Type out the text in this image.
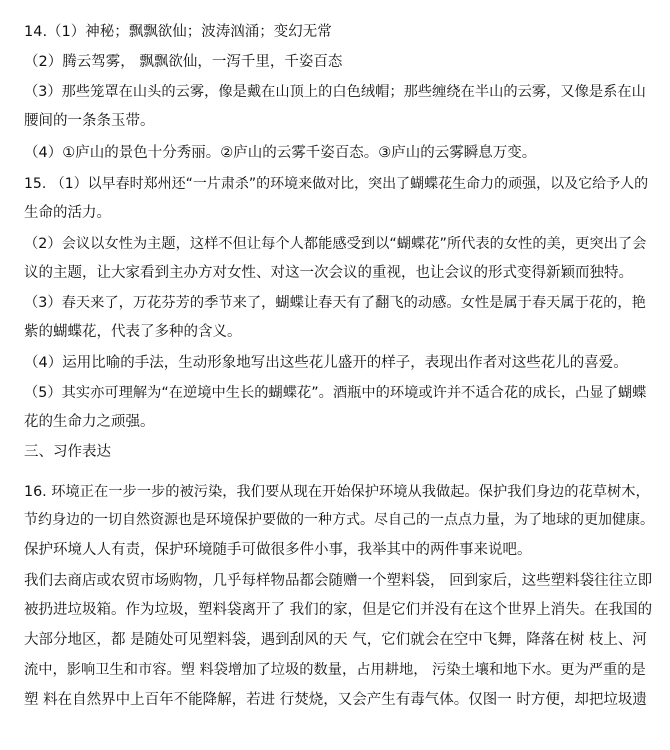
14.（1）神秘；飘飘欲仙；波涛汹涌；变幻无常
（2）腾云驾雾， 飘飘欲仙，一泻千里，千姿百态
（3）那些笼罩在山头的云雾，像是戴在山顶上的白色绒帽；那些缠绕在半山的云雾，又像是系在山
腰间的一条条玉带。
（4）①庐山的景色十分秀丽。②庐山的云雾千姿百态。③庐山的云雾瞬息万变。
15. （1）以早春时郑州还“一片肃杀”的环境来做对比，突出了蝴蝶花生命力的顽强，以及它给予人的
生命的活力。
（2）会议以女性为主题，这样不但让每个人都能感受到以“蝴蝶花”所代表的女性的美，更突出了会
议的主题，让大家看到主办方对女性、对这一次会议的重视，也让会议的形式变得新颖而独特。
（3）春天来了，万花芬芳的季节来了，蝴蝶让春天有了翻飞的动感。女性是属于春天属于花的，艳
紫的蝴蝶花，代表了多种的含义。
（4）运用比喻的手法，生动形象地写出这些花儿盛开的样子，表现出作者对这些花儿的喜爱。
（5）其实亦可理解为“在逆境中生长的蝴蝶花”。酒瓶中的环境或许并不适合花的成长，凸显了蝴蝶
花的生命力之顽强。
三、习作表达
16. 环境正在一步一步的被污染，我们要从现在开始保护环境从我做起。保护我们身边的花草树木，
节约身边的一切自然资源也是环境保护要做的一种方式。尽自己的一点点力量，为了地球的更加健康。
保护环境人人有责，保护环境随手可做很多件小事，我举其中的两件事来说吧。
我们去商店或农贸市场购物，几乎每样物品都会随赠一个塑料袋， 回到家后，这些塑料袋往往立即
被扔进垃圾箱。作为垃圾，塑料袋离开了 我们的家，但是它们并没有在这个世界上消失。在我国的
大部分地区，都 是随处可见塑料袋，遇到刮风的天 气，它们就会在空中飞舞，降落在树 枝上、河
流中，影响卫生和市容。塑 料袋增加了垃圾的数量，占用耕地， 污染土壤和地下水。更为严重的是
塑 料在自然界中上百年不能降解，若进 行焚烧，又会产生有毒气体。仅图一 时方便，却把垃圾遗
